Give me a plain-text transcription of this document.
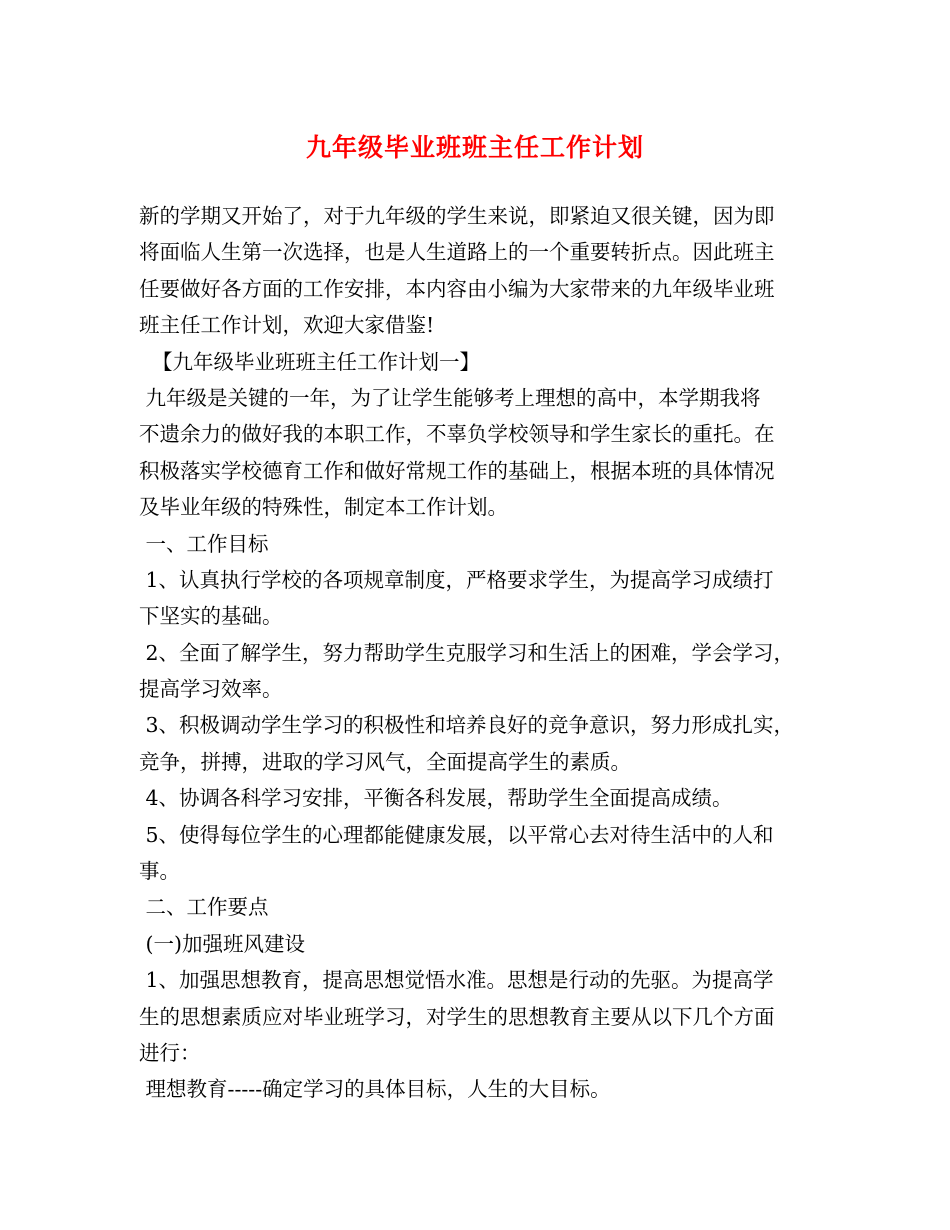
九年级毕业班班主任工作计划
新的学期又开始了，对于九年级的学生来说，即紧迫又很关键，因为即
将面临人生第一次选择，也是人生道路上的一个重要转折点。因此班主
任要做好各方面的工作安排，本内容由小编为大家带来的九年级毕业班
班主任工作计划，欢迎大家借鉴!
【九年级毕业班班主任工作计划一】
九年级是关键的一年，为了让学生能够考上理想的高中，本学期我将
不遗余力的做好我的本职工作，不辜负学校领导和学生家长的重托。在
积极落实学校德育工作和做好常规工作的基础上，根据本班的具体情况
及毕业年级的特殊性，制定本工作计划。
一、工作目标
1、认真执行学校的各项规章制度，严格要求学生，为提高学习成绩打
下坚实的基础。
2、全面了解学生，努力帮助学生克服学习和生活上的困难，学会学习，
提高学习效率。
3、积极调动学生学习的积极性和培养良好的竞争意识，努力形成扎实，
竞争，拼搏，进取的学习风气，全面提高学生的素质。
4、协调各科学习安排，平衡各科发展，帮助学生全面提高成绩。
5、使得每位学生的心理都能健康发展，以平常心去对待生活中的人和
事。
二、工作要点
(一)加强班风建设
1、加强思想教育，提高思想觉悟水准。思想是行动的先驱。为提高学
生的思想素质应对毕业班学习，对学生的思想教育主要从以下几个方面
进行：
理想教育-----确定学习的具体目标，人生的大目标。
